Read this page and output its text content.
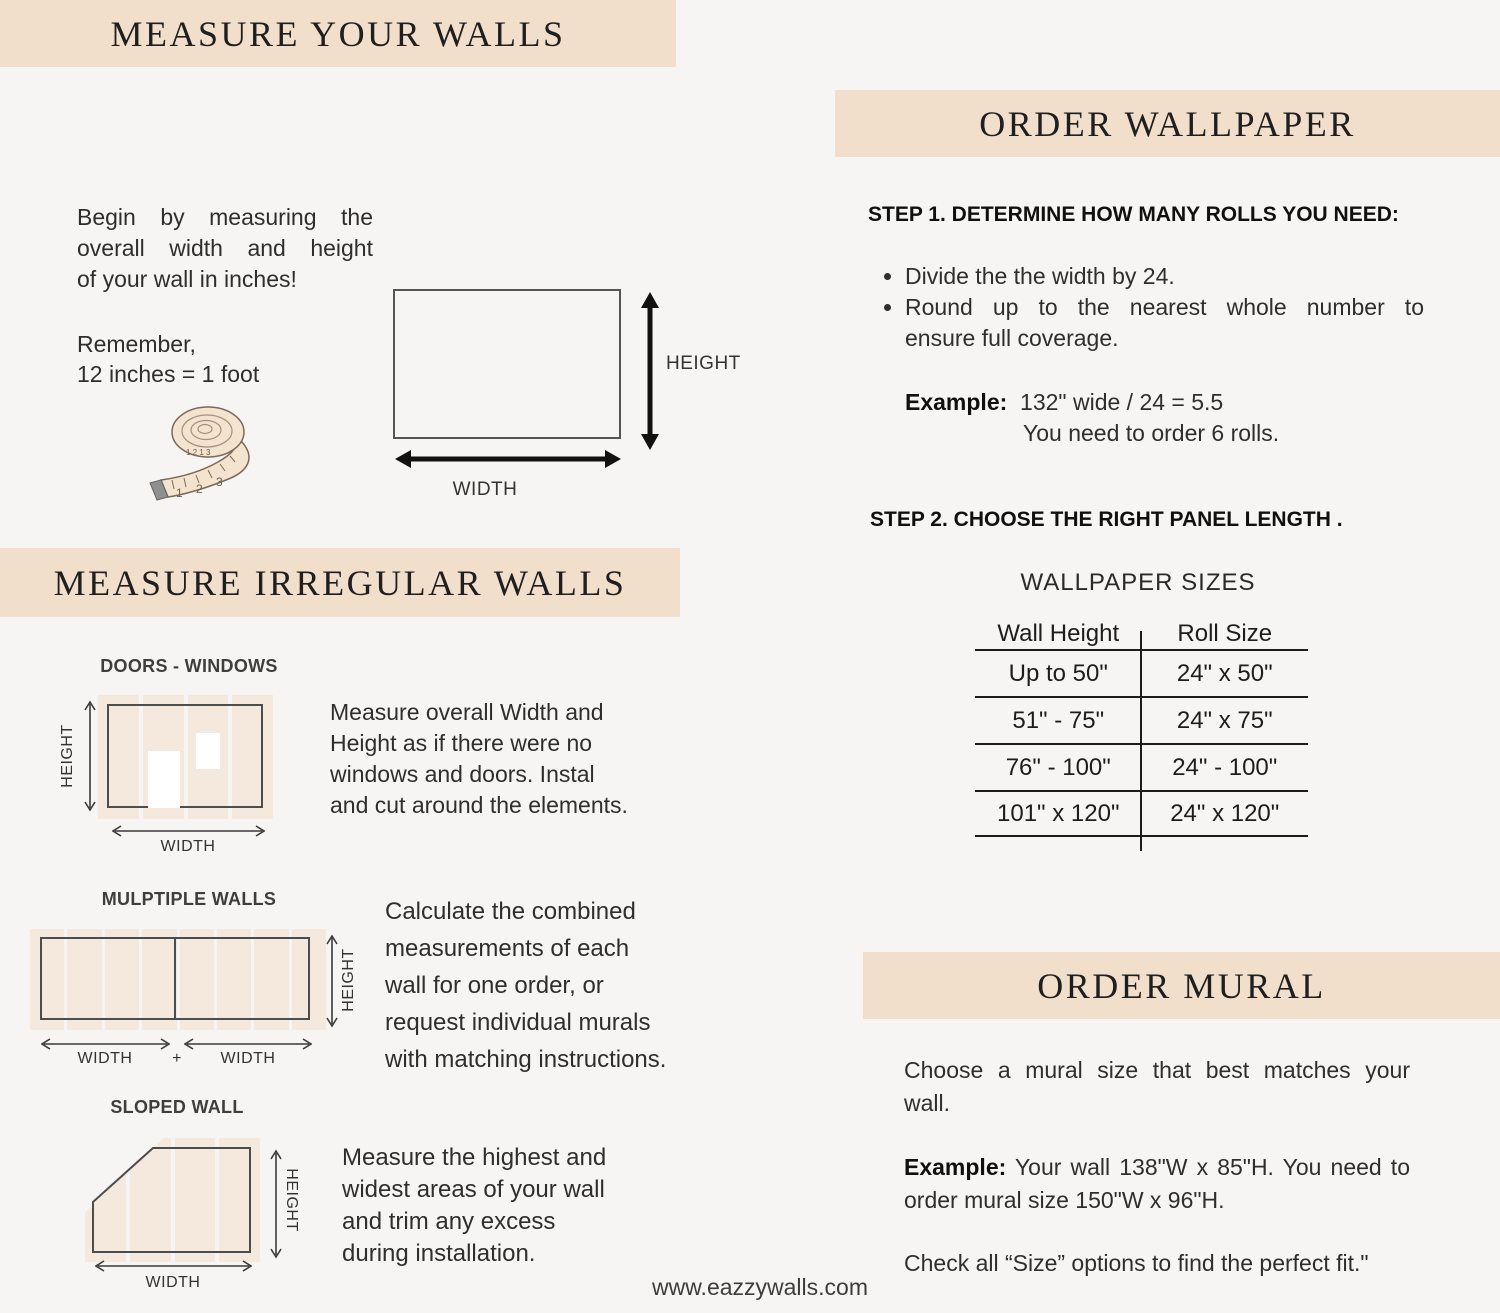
MEASURE YOUR WALLS
Begin by measuring the
overall width and height
of your wall in inches!
Remember,
12 inches = 1 foot
1 2 3
1 2 1 3
HEIGHT
WIDTH
MEASURE IRREGULAR WALLS
DOORS - WINDOWS
HEIGHT
WIDTH
Measure overall Width and
Height as if there were no
windows and doors. Instal
and cut around the elements.
MULPTIPLE WALLS
HEIGHT
WIDTH	+	WIDTH
Calculate the combined
measurements of each
wall for one order, or
request individual murals
with matching instructions.
SLOPED WALL
HEIGHT
WIDTH
Measure the highest and
widest areas of your wall
and trim any excess
during installation.
ORDER WALLPAPER
STEP 1. DETERMINE HOW MANY ROLLS YOU NEED:
• Divide the the width by 24.
• Round up to the nearest whole number to
ensure full coverage.
Example: 132" wide / 24 = 5.5
You need to order 6 rolls.
STEP 2. CHOOSE THE RIGHT PANEL LENGTH .
WALLPAPER SIZES
Wall Height	Roll Size
Up to 50"	24" x 50"
51" - 75"	24" x 75"
76" - 100"	24" - 100"
101" x 120"	24" x 120"
ORDER MURAL
Choose a mural size that best matches your
wall.
Example: Your wall 138"W x 85"H. You need to
order mural size 150"W x 96"H.
Check all “Size” options to find the perfect fit."
www.eazzywalls.com
